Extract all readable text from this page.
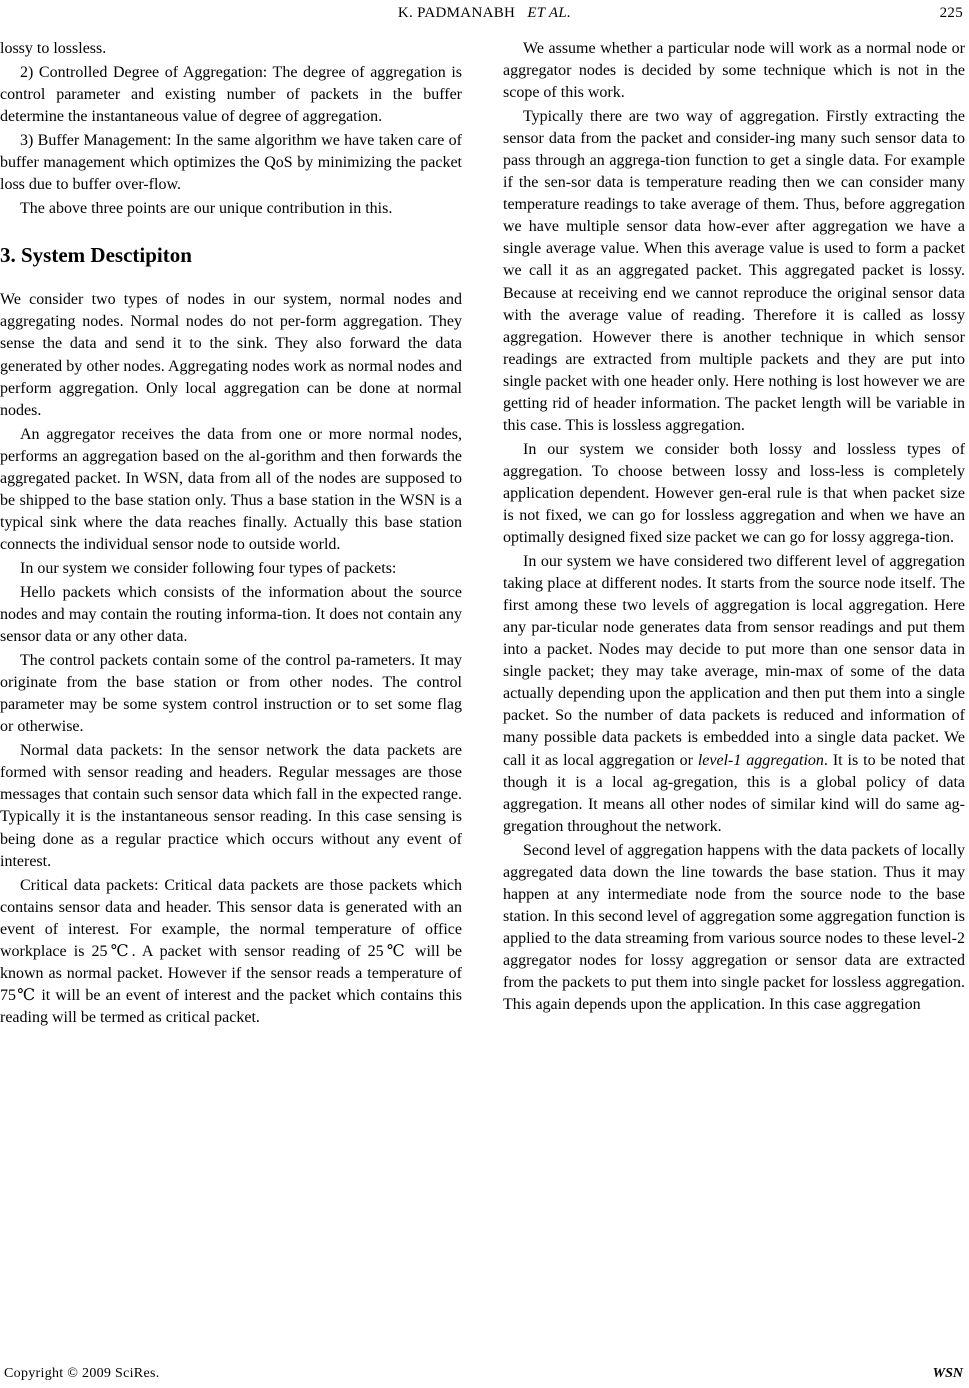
K. PADMANABH ET AL.	225

lossy to lossless.

2) Controlled Degree of Aggregation: The degree of aggregation is control parameter and existing number of packets in the buffer determine the instantaneous value of degree of aggregation.

3) Buffer Management: In the same algorithm we have taken care of buffer management which optimizes the QoS by minimizing the packet loss due to buffer over-flow.

The above three points are our unique contribution in this.

3. System Desctipiton

We consider two types of nodes in our system, normal nodes and aggregating nodes. Normal nodes do not per-form aggregation. They sense the data and send it to the sink. They also forward the data generated by other nodes. Aggregating nodes work as normal nodes and perform aggregation. Only local aggregation can be done at normal nodes.

An aggregator receives the data from one or more normal nodes, performs an aggregation based on the al-gorithm and then forwards the aggregated packet. In WSN, data from all of the nodes are supposed to be shipped to the base station only. Thus a base station in the WSN is a typical sink where the data reaches finally. Actually this base station connects the individual sensor node to outside world.

In our system we consider following four types of packets:

Hello packets which consists of the information about the source nodes and may contain the routing informa-tion. It does not contain any sensor data or any other data.

The control packets contain some of the control pa-rameters. It may originate from the base station or from other nodes. The control parameter may be some system control instruction or to set some flag or otherwise.

Normal data packets: In the sensor network the data packets are formed with sensor reading and headers. Regular messages are those messages that contain such sensor data which fall in the expected range. Typically it is the instantaneous sensor reading. In this case sensing is being done as a regular practice which occurs without any event of interest.

Critical data packets: Critical data packets are those packets which contains sensor data and header. This sensor data is generated with an event of interest. For example, the normal temperature of office workplace is 25℃. A packet with sensor reading of 25℃ will be known as normal packet. However if the sensor reads a temperature of 75℃ it will be an event of interest and the packet which contains this reading will be termed as critical packet.

We assume whether a particular node will work as a normal node or aggregator nodes is decided by some technique which is not in the scope of this work.

Typically there are two way of aggregation. Firstly extracting the sensor data from the packet and consider-ing many such sensor data to pass through an aggrega-tion function to get a single data. For example if the sen-sor data is temperature reading then we can consider many temperature readings to take average of them. Thus, before aggregation we have multiple sensor data how-ever after aggregation we have a single average value. When this average value is used to form a packet we call it as an aggregated packet. This aggregated packet is lossy. Because at receiving end we cannot reproduce the original sensor data with the average value of reading. Therefore it is called as lossy aggregation. However there is another technique in which sensor readings are extracted from multiple packets and they are put into single packet with one header only. Here nothing is lost however we are getting rid of header information. The packet length will be variable in this case. This is lossless aggregation.

In our system we consider both lossy and lossless types of aggregation. To choose between lossy and loss-less is completely application dependent. However gen-eral rule is that when packet size is not fixed, we can go for lossless aggregation and when we have an optimally designed fixed size packet we can go for lossy aggrega-tion.

In our system we have considered two different level of aggregation taking place at different nodes. It starts from the source node itself. The first among these two levels of aggregation is local aggregation. Here any par-ticular node generates data from sensor readings and put them into a packet. Nodes may decide to put more than one sensor data in single packet; they may take average, min-max of some of the data actually depending upon the application and then put them into a single packet. So the number of data packets is reduced and information of many possible data packets is embedded into a single data packet. We call it as local aggregation or level-1 aggregation. It is to be noted that though it is a local ag-gregation, this is a global policy of data aggregation. It means all other nodes of similar kind will do same ag-gregation throughout the network.

Second level of aggregation happens with the data packets of locally aggregated data down the line towards the base station. Thus it may happen at any intermediate node from the source node to the base station. In this second level of aggregation some aggregation function is applied to the data streaming from various source nodes to these level-2 aggregator nodes for lossy aggregation or sensor data are extracted from the packets to put them into single packet for lossless aggregation. This again depends upon the application. In this case aggregation

Copyright © 2009 SciRes.	WSN
